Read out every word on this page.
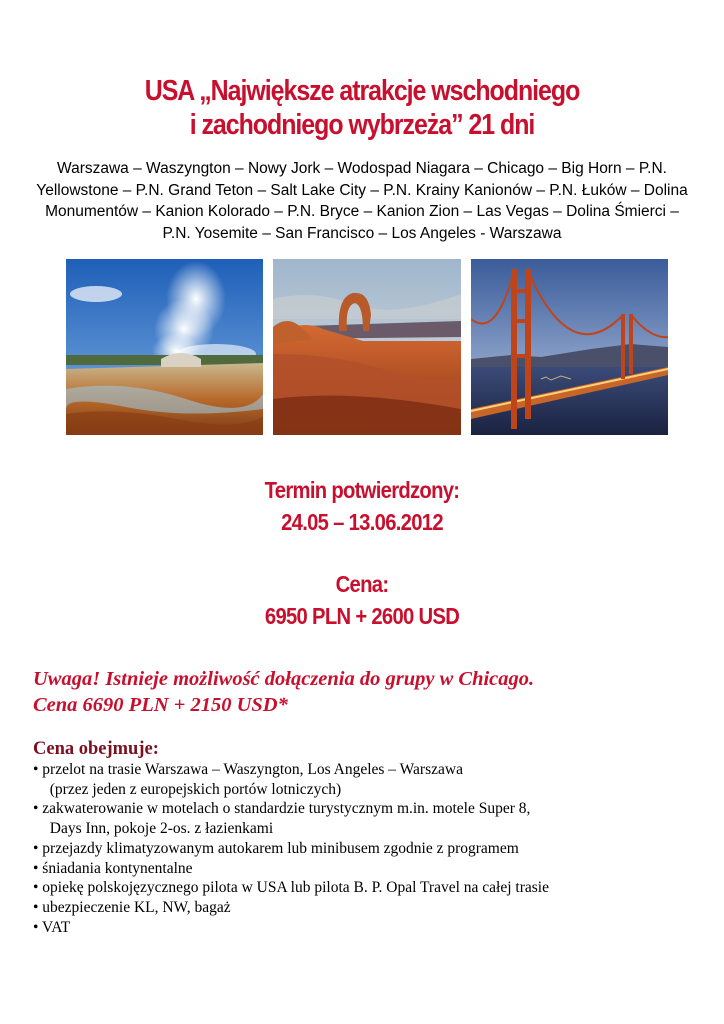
USA „Największe atrakcje wschodniego
i zachodniego wybrzeża” 21 dni
Warszawa – Waszyngton – Nowy Jork – Wodospad Niagara – Chicago – Big Horn – P.N. Yellowstone – P.N. Grand Teton – Salt Lake City – P.N. Krainy Kanionów – P.N. Łuków – Dolina Monumentów – Kanion Kolorado – P.N. Bryce – Kanion Zion – Las Vegas – Dolina Śmierci – P.N. Yosemite – San Francisco – Los Angeles - Warszawa
Termin potwierdzony:
24.05 – 13.06.2012
Cena:
6950 PLN + 2600 USD
Uwaga! Istnieje możliwość dołączenia do grupy w Chicago.
Cena 6690 PLN + 2150 USD*
Cena obejmuje:
• przelot na trasie Warszawa – Waszyngton, Los Angeles – Warszawa
(przez jeden z europejskich portów lotniczych)
• zakwaterowanie w motelach o standardzie turystycznym m.in. motele Super 8,
Days Inn, pokoje 2-os. z łazienkami
• przejazdy klimatyzowanym autokarem lub minibusem zgodnie z programem
• śniadania kontynentalne
• opiekę polskojęzycznego pilota w USA lub pilota B. P. Opal Travel na całej trasie
• ubezpieczenie KL, NW, bagaż
• VAT
